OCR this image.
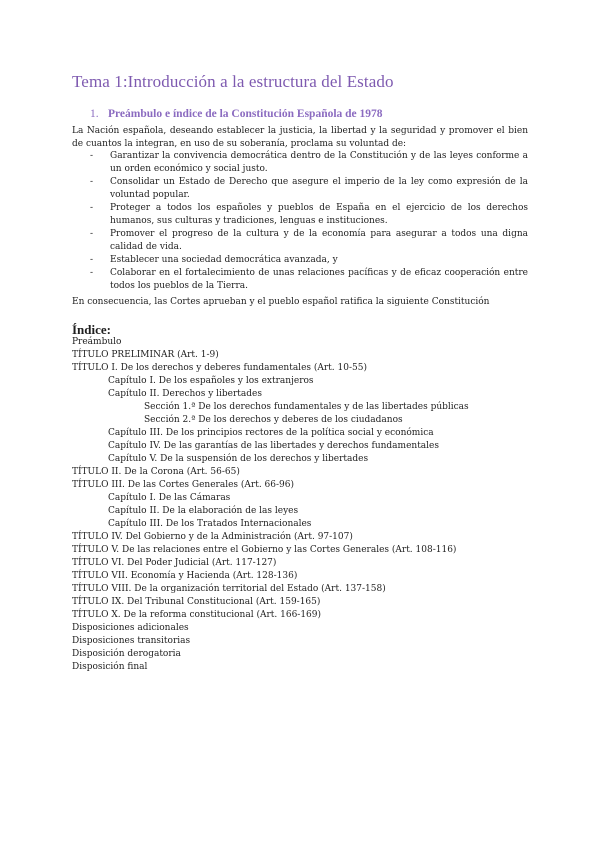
Tema 1:Introducción a la estructura del Estado
1. Preámbulo e índice de la Constitución Española de 1978

La Nación española, deseando establecer la justicia, la libertad y la seguridad y promover el bien de cuantos la integran, en uso de su soberanía, proclama su voluntad de:

- Garantizar la convivencia democrática dentro de la Constitución y de las leyes conforme a un orden económico y social justo.
- Consolidar un Estado de Derecho que asegure el imperio de la ley como expresión de la voluntad popular.
- Proteger a todos los españoles y pueblos de España en el ejercicio de los derechos humanos, sus culturas y tradiciones, lenguas e instituciones.
- Promover el progreso de la cultura y de la economía para asegurar a todos una digna calidad de vida.
- Establecer una sociedad democrática avanzada, y
- Colaborar en el fortalecimiento de unas relaciones pacíficas y de eficaz cooperación entre todos los pueblos de la Tierra.

En consecuencia, las Cortes aprueban y el pueblo español ratifica la siguiente Constitución

Índice:
Preámbulo
TÍTULO PRELIMINAR (Art. 1-9)
TÍTULO I. De los derechos y deberes fundamentales (Art. 10-55)
Capítulo I. De los españoles y los extranjeros
Capítulo II. Derechos y libertades
Sección 1.ª De los derechos fundamentales y de las libertades públicas
Sección 2.ª De los derechos y deberes de los ciudadanos
Capítulo III. De los principios rectores de la política social y económica
Capítulo IV. De las garantías de las libertades y derechos fundamentales
Capítulo V. De la suspensión de los derechos y libertades
TÍTULO II. De la Corona (Art. 56-65)
TÍTULO III. De las Cortes Generales (Art. 66-96)
Capítulo I. De las Cámaras
Capítulo II. De la elaboración de las leyes
Capítulo III. De los Tratados Internacionales
TÍTULO IV. Del Gobierno y de la Administración (Art. 97-107)
TÍTULO V. De las relaciones entre el Gobierno y las Cortes Generales (Art. 108-116)
TÍTULO VI. Del Poder Judicial (Art. 117-127)
TÍTULO VII. Economía y Hacienda (Art. 128-136)
TÍTULO VIII. De la organización territorial del Estado (Art. 137-158)
TÍTULO IX. Del Tribunal Constitucional (Art. 159-165)
TÍTULO X. De la reforma constitucional (Art. 166-169)
Disposiciones adicionales
Disposiciones transitorias
Disposición derogatoria
Disposición final
